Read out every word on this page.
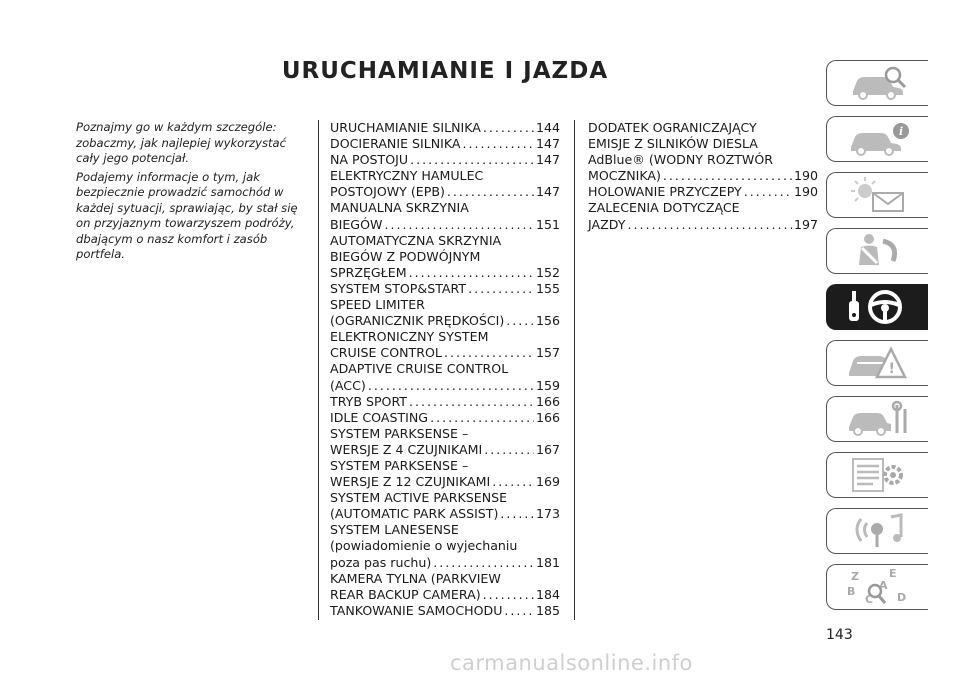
URUCHAMIANIE I JAZDA

Poznajmy go w każdym szczególe: zobaczmy, jak najlepiej wykorzystać cały jego potencjał.

Podajemy informacje o tym, jak bezpiecznie prowadzić samochód w każdej sytuacji, sprawiając, by stał się on przyjaznym towarzyszem podróży, dbającym o nasz komfort i zasób portfela.

URUCHAMIANIE SILNIKA .....	144
DOCIERANIE SILNIKA .....	147
NA POSTOJU .....	147
ELEKTRYCZNY HAMULEC
POSTOJOWY (EPB) .....	147
MANUALNA SKRZYNIA
BIEGÓW .....	151
AUTOMATYCZNA SKRZYNIA
BIEGÓW Z PODWÓJNYM
SPRZĘGŁEM .....	152
SYSTEM STOP&START .....	155
SPEED LIMITER
(OGRANICZNIK PRĘDKOŚCI) .....	156
ELEKTRONICZNY SYSTEM
CRUISE CONTROL .....	157
ADAPTIVE CRUISE CONTROL
(ACC) .....	159
TRYB SPORT .....	166
IDLE COASTING .....	166
SYSTEM PARKSENSE –
WERSJE Z 4 CZUJNIKAMI .....	167
SYSTEM PARKSENSE –
WERSJE Z 12 CZUJNIKAMI .....	169
SYSTEM ACTIVE PARKSENSE
(AUTOMATIC PARK ASSIST) .....	173
SYSTEM LANESENSE
(powiadomienie o wyjechaniu
poza pas ruchu) .....	181
KAMERA TYLNA (PARKVIEW
REAR BACKUP CAMERA) .....	184
TANKOWANIE SAMOCHODU .....	185
DODATEK OGRANICZAJĄCY
EMISJE Z SILNIKÓW DIESLA
AdBlue® (WODNY ROZTWÓR
MOCZNIKA) .....	190
HOLOWANIE PRZYCZEPY .....	190
ZALECENIA DOTYCZĄCE
JAZDY .....	197
i
!
Z	E
B A
C D
143
carmanualsonline.info
